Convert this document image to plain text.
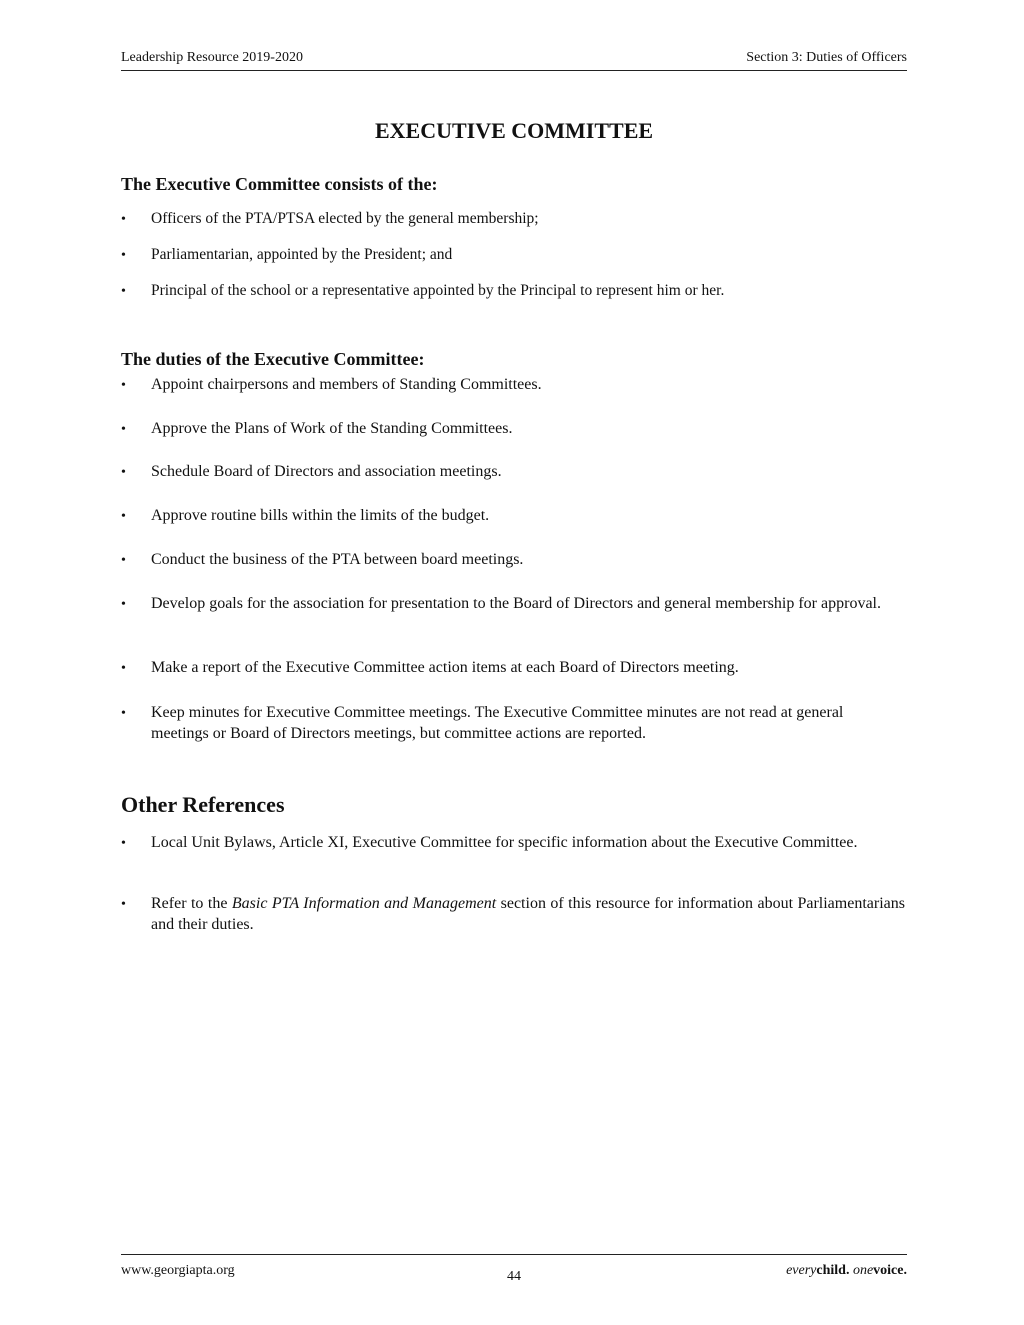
Leadership Resource 2019-2020	Section 3: Duties of Officers
EXECUTIVE COMMITTEE
The Executive Committee consists of the:
•
Officers of the PTA/PTSA elected by the general membership;
•
Parliamentarian, appointed by the President; and
•
Principal of the school or a representative appointed by the Principal to represent him or her.
The duties of the Executive Committee:
•
Appoint chairpersons and members of Standing Committees.
•
Approve the Plans of Work of the Standing Committees.
•
Schedule Board of Directors and association meetings.
•
Approve routine bills within the limits of the budget.
•
Conduct the business of the PTA between board meetings.
•
Develop goals for the association for presentation to the Board of Directors and general membership for approval.
•
Make a report of the Executive Committee action items at each Board of Directors meeting.
•
Keep minutes for Executive Committee meetings. The Executive Committee minutes are not read at general meetings or Board of Directors meetings, but committee actions are reported.
Other References
•
Local Unit Bylaws, Article XI, Executive Committee for specific information about the Executive Committee.
•
Refer to the Basic PTA Information and Management section of this resource for information about Parliamentarians and their duties.
www.georgiapta.org	44	everychild. onevoice.
